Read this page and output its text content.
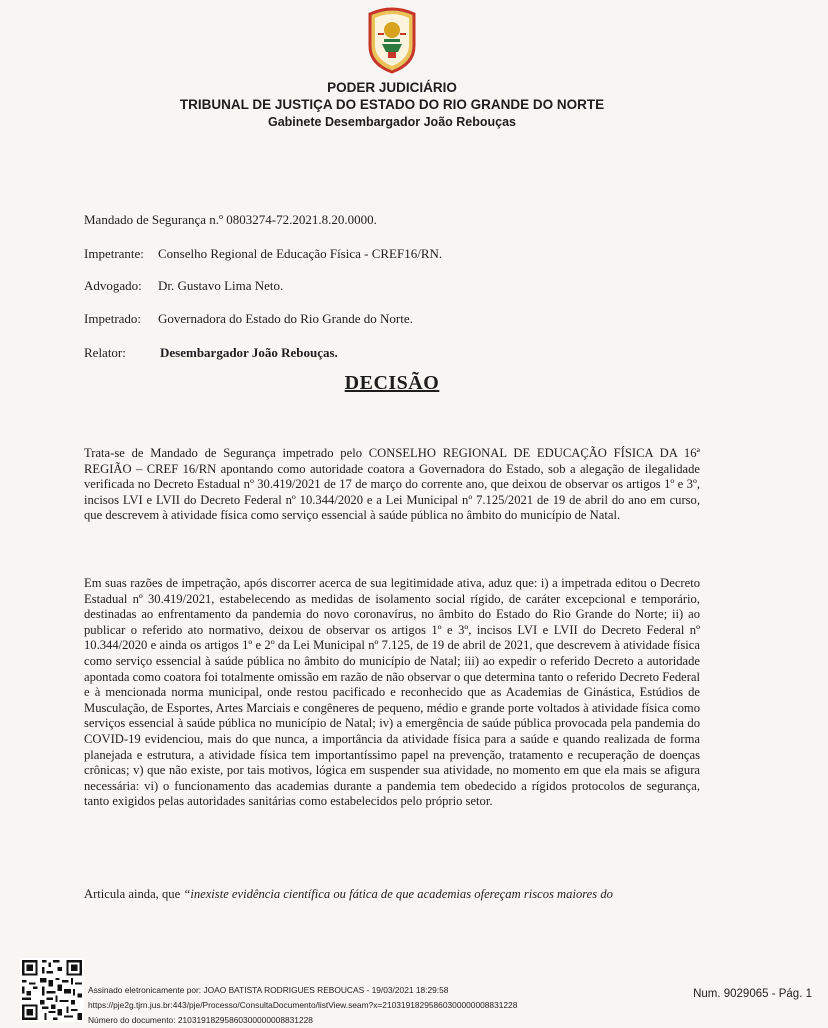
PODER JUDICIÁRIO
TRIBUNAL DE JUSTIÇA DO ESTADO DO RIO GRANDE DO NORTE
Gabinete Desembargador João Rebouças
Mandado de Segurança n.º 0803274-72.2021.8.20.0000.
Impetrante: Conselho Regional de Educação Física - CREF16/RN.
Advogado: Dr. Gustavo Lima Neto.
Impetrado: Governadora do Estado do Rio Grande do Norte.
Relator:	Desembargador João Rebouças.
DECISÃO

Trata-se de Mandado de Segurança impetrado pelo CONSELHO REGIONAL DE EDUCAÇÃO FÍSICA DA 16ª REGIÃO – CREF 16/RN apontando como autoridade coatora a Governadora do Estado, sob a alegação de ilegalidade verificada no Decreto Estadual nº 30.419/2021 de 17 de março do corrente ano, que deixou de observar os artigos 1º e 3º, incisos LVI e LVII do Decreto Federal nº 10.344/2020 e a Lei Municipal nº 7.125/2021 de 19 de abril do ano em curso, que descrevem à atividade física como serviço essencial à saúde pública no âmbito do município de Natal.

Em suas razões de impetração, após discorrer acerca de sua legitimidade ativa, aduz que: i) a impetrada editou o Decreto Estadual nº 30.419/2021, estabelecendo as medidas de isolamento social rígido, de caráter excepcional e temporário, destinadas ao enfrentamento da pandemia do novo coronavírus, no âmbito do Estado do Rio Grande do Norte; ii) ao publicar o referido ato normativo, deixou de observar os artigos 1º e 3º, incisos LVI e LVII do Decreto Federal nº 10.344/2020 e ainda os artigos 1º e 2º da Lei Municipal nº 7.125, de 19 de abril de 2021, que descrevem à atividade física como serviço essencial à saúde pública no âmbito do município de Natal; iii) ao expedir o referido Decreto a autoridade apontada como coatora foi totalmente omissão em razão de não observar o que determina tanto o referido Decreto Federal e à mencionada norma municipal, onde restou pacificado e reconhecido que as Academias de Ginástica, Estúdios de Musculação, de Esportes, Artes Marciais e congêneres de pequeno, médio e grande porte voltados à atividade física como serviços essencial à saúde pública no município de Natal; iv) a emergência de saúde pública provocada pela pandemia do COVID-19 evidenciou, mais do que nunca, a importância da atividade física para a saúde e quando realizada de forma planejada e estrutura, a atividade física tem importantíssimo papel na prevenção, tratamento e recuperação de doenças crônicas; v) que não existe, por tais motivos, lógica em suspender sua atividade, no momento em que ela mais se afigura necessária: vi) o funcionamento das academias durante a pandemia tem obedecido a rígidos protocolos de segurança, tanto exigidos pelas autoridades sanitárias como estabelecidos pelo próprio setor.

Articula ainda, que “inexiste evidência científica ou fática de que academias ofereçam riscos maiores do

Assinado eletronicamente por: JOAO BATISTA RODRIGUES REBOUCAS - 19/03/2021 18:29:58
https://pje2g.tjrn.jus.br:443/pje/Processo/ConsultaDocumento/listView.seam?x=21031918295860300000008831228
Número do documento: 21031918295860300000008831228
Num. 9029065 - Pág. 1
